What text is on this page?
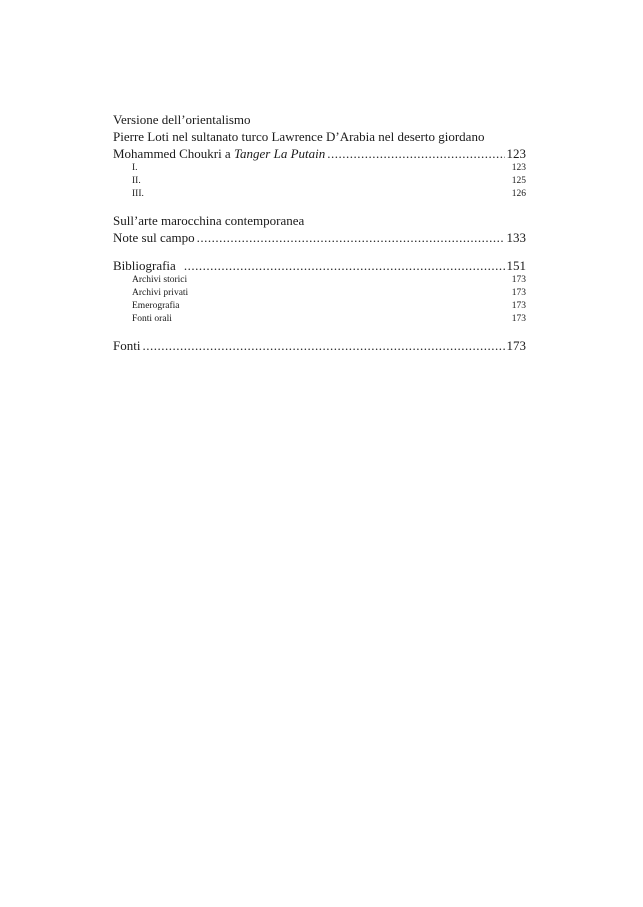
Versione dell’orientalismo
Pierre Loti nel sultanato turco Lawrence D’Arabia nel deserto giordano
Mohammed Choukri a Tanger La Putain .....	123
I.	123
II.	125
III.	126
Sull’arte marocchina contemporanea
Note sul campo .....	133
Bibliografia .....	151
Archivi storici	173
Archivi privati	173
Emerografia	173
Fonti orali	173
Fonti .....	173
